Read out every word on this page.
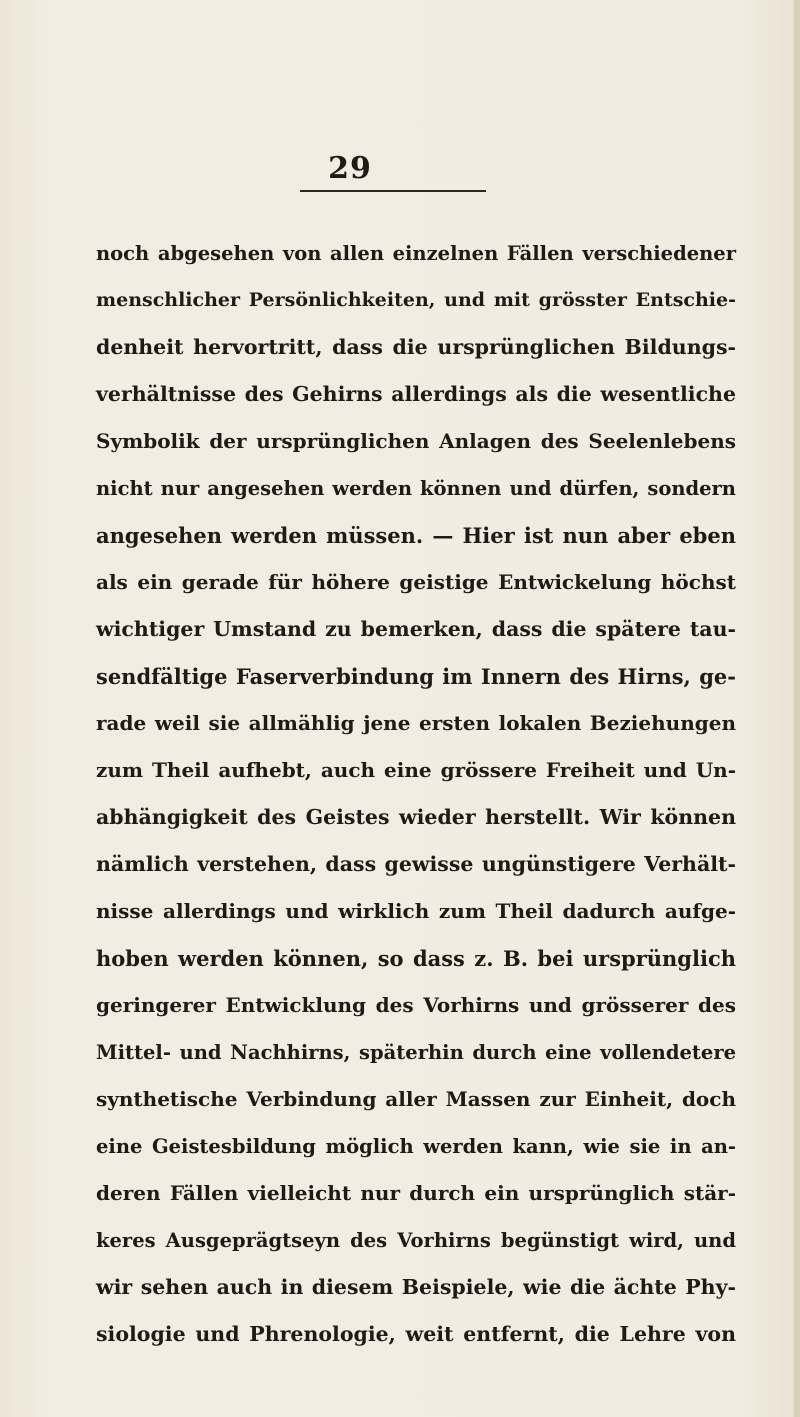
29
noch abgesehen von allen einzelnen Fällen verschiedener
menschlicher Persönlichkeiten, und mit grösster Entschie-
denheit hervortritt, dass die ursprünglichen Bildungs-
verhältnisse des Gehirns allerdings als die wesentliche
Symbolik der ursprünglichen Anlagen des Seelenlebens
nicht nur angesehen werden können und dürfen, sondern
angesehen werden müssen. — Hier ist nun aber eben
als ein gerade für höhere geistige Entwickelung höchst
wichtiger Umstand zu bemerken, dass die spätere tau-
sendfältige Faserverbindung im Innern des Hirns, ge-
rade weil sie allmählig jene ersten lokalen Beziehungen
zum Theil aufhebt, auch eine grössere Freiheit und Un-
abhängigkeit des Geistes wieder herstellt. Wir können
nämlich verstehen, dass gewisse ungünstigere Verhält-
nisse allerdings und wirklich zum Theil dadurch aufge-
hoben werden können, so dass z. B. bei ursprünglich
geringerer Entwicklung des Vorhirns und grösserer des
Mittel- und Nachhirns, späterhin durch eine vollendetere
synthetische Verbindung aller Massen zur Einheit, doch
eine Geistesbildung möglich werden kann, wie sie in an-
deren Fällen vielleicht nur durch ein ursprünglich stär-
keres Ausgeprägtseyn des Vorhirns begünstigt wird, und
wir sehen auch in diesem Beispiele, wie die ächte Phy-
siologie und Phrenologie, weit entfernt, die Lehre von
